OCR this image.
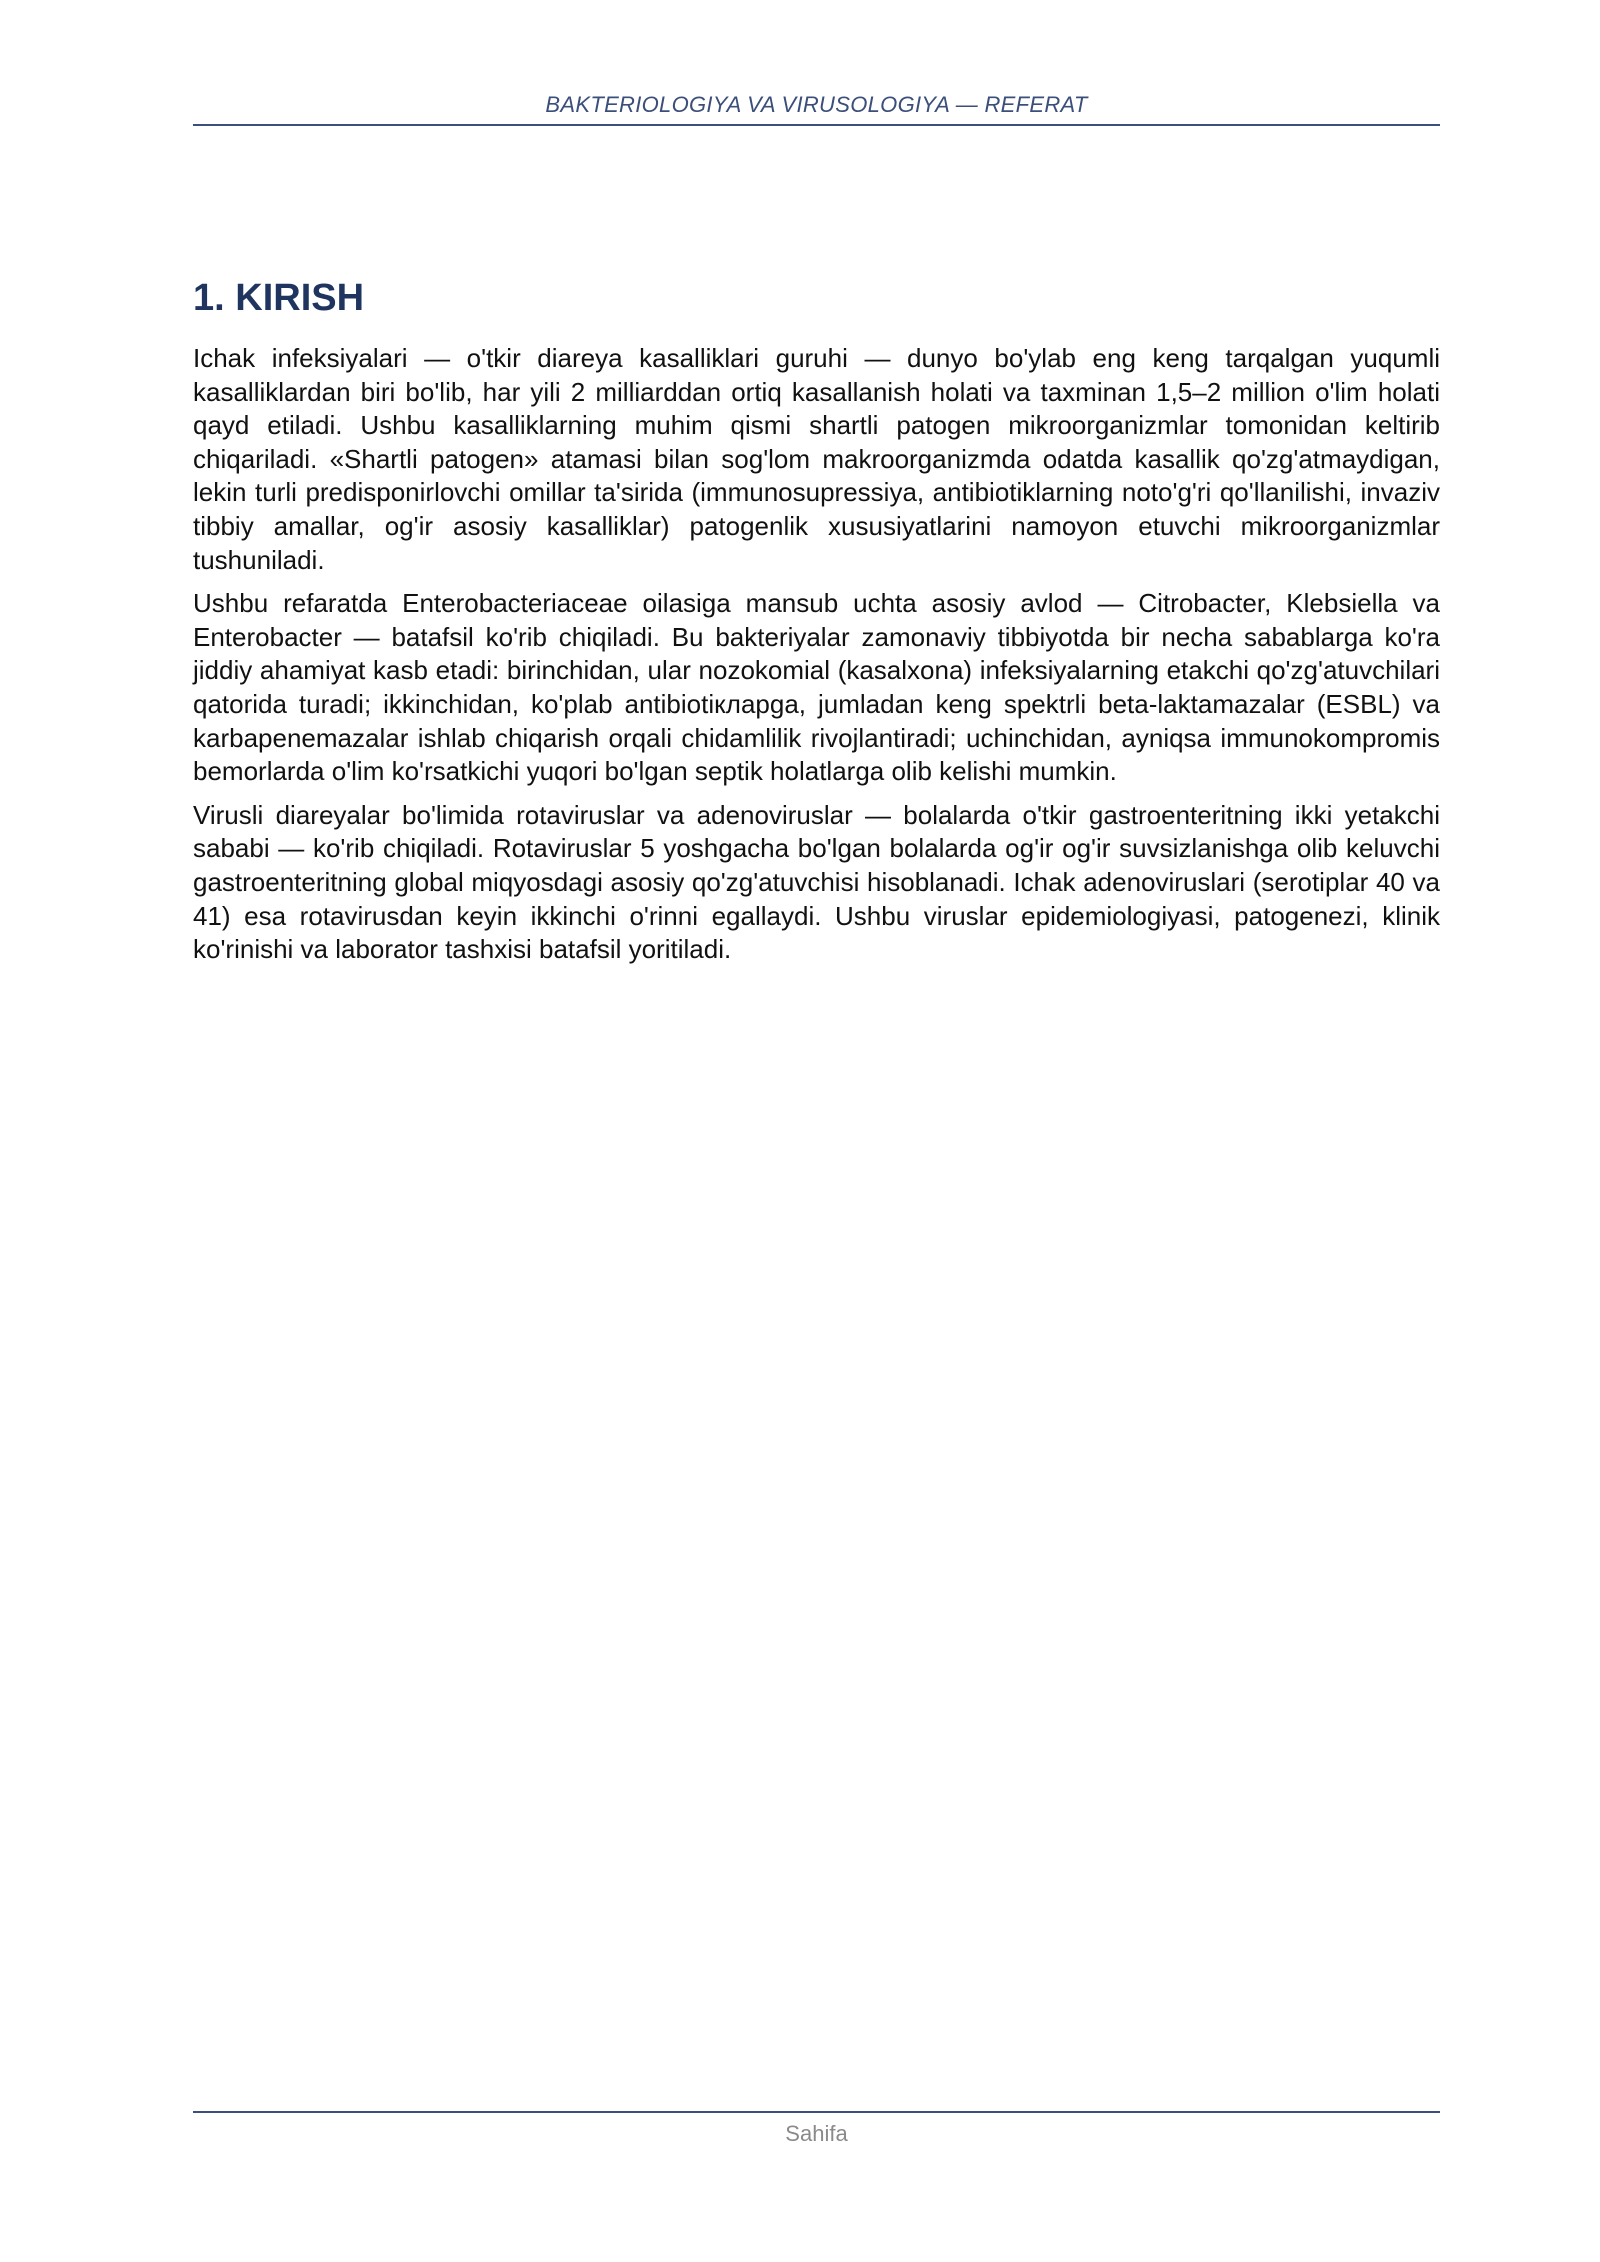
BAKTERIOLOGIYA VA VIRUSOLOGIYA — REFERAT
1. KIRISH

Ichak infeksiyalari — o'tkir diareya kasalliklari guruhi — dunyo bo'ylab eng keng tarqalgan yuqumli kasalliklardan biri bo'lib, har yili 2 milliarddan ortiq kasallanish holati va taxminan 1,5–2 million o'lim holati qayd etiladi. Ushbu kasalliklarning muhim qismi shartli patogen mikroorganizmlar tomonidan keltirib chiqariladi. «Shartli patogen» atamasi bilan sog'lom makroorganizmda odatda kasallik qo'zg'atmaydigan, lekin turli predisponirlovchi omillar ta'sirida (immunosupressiya, antibiotiklarning noto'g'ri qo'llanilishi, invaziv tibbiy amallar, og'ir asosiy kasalliklar) patogenlik xususiyatlarini namoyon etuvchi mikroorganizmlar tushuniladi.

Ushbu refaratda Enterobacteriaceae oilasiga mansub uchta asosiy avlod — Citrobacter, Klebsiella va Enterobacter — batafsil ko'rib chiqiladi. Bu bakteriyalar zamonaviy tibbiyotda bir necha sabablarga ko'ra jiddiy ahamiyat kasb etadi: birinchidan, ular nozokomial (kasalxona) infeksiyalarning etakchi qo'zg'atuvchilari qatorida turadi; ikkinchidan, ko'plab antibiotiкларga, jumladan keng spektrli beta-laktamazalar (ESBL) va karbapenemazalar ishlab chiqarish orqali chidamlilik rivojlantiradi; uchinchidan, ayniqsa immunokompromis bemorlarda o'lim ko'rsatkichi yuqori bo'lgan septik holatlarga olib kelishi mumkin.

Virusli diareyalar bo'limida rotaviruslar va adenoviruslar — bolalarda o'tkir gastroenteritning ikki yetakchi sababi — ko'rib chiqiladi. Rotaviruslar 5 yoshgacha bo'lgan bolalarda og'ir og'ir suvsizlanishga olib keluvchi gastroenteritning global miqyosdagi asosiy qo'zg'atuvchisi hisoblanadi. Ichak adenoviruslari (serotiplar 40 va 41) esa rotavirusdan keyin ikkinchi o'rinni egallaydi. Ushbu viruslar epidemiologiyasi, patogenezi, klinik ko'rinishi va laborator tashxisi batafsil yoritiladi.

Sahifa
